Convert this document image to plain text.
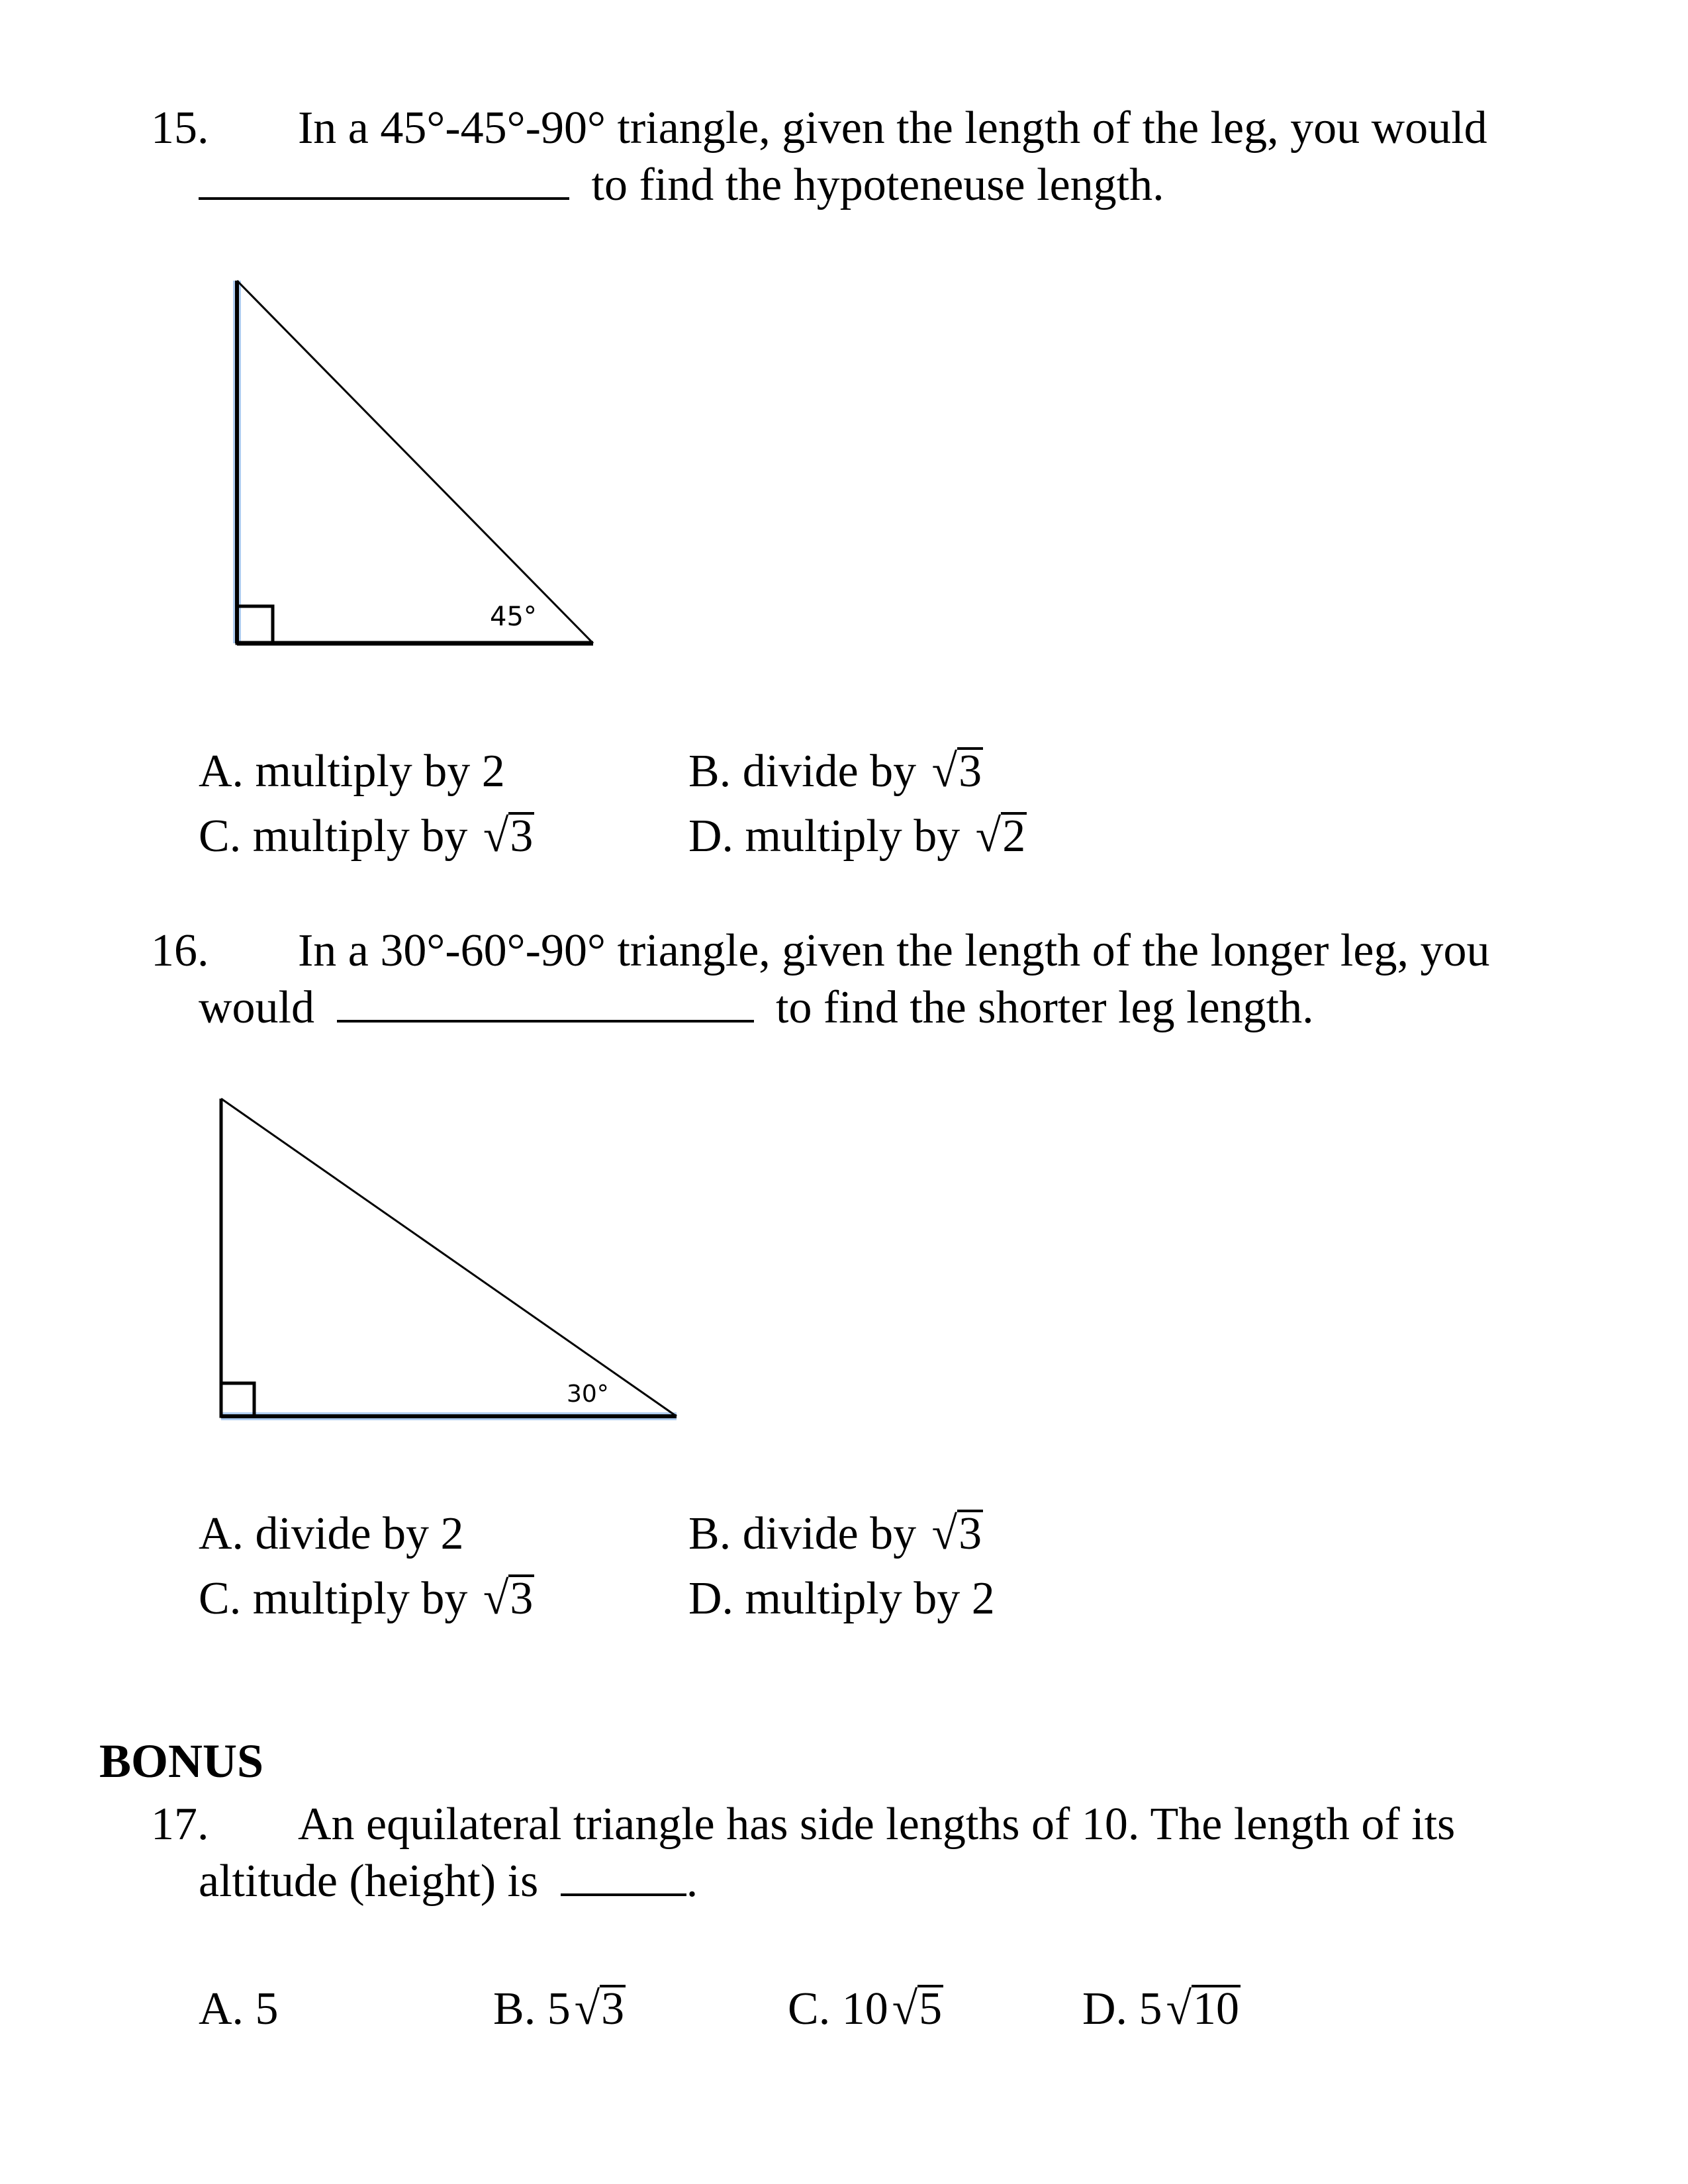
15. In a 45°-45°-90° triangle, given the length of the leg, you would
to find the hypoteneuse length.
45°
A. multiply by 2	B. divide by √3
C. multiply by √3	D. multiply by √2
16. In a 30°-60°-90° triangle, given the length of the longer leg, you
would	to find the shorter leg length.
30°
A. divide by 2	B. divide by √3
C. multiply by √3	D. multiply by 2
BONUS
17. An equilateral triangle has side lengths of 10. The length of its
altitude (height) is	.
A. 5	B. 5√3	C. 10√5	D. 5√10
